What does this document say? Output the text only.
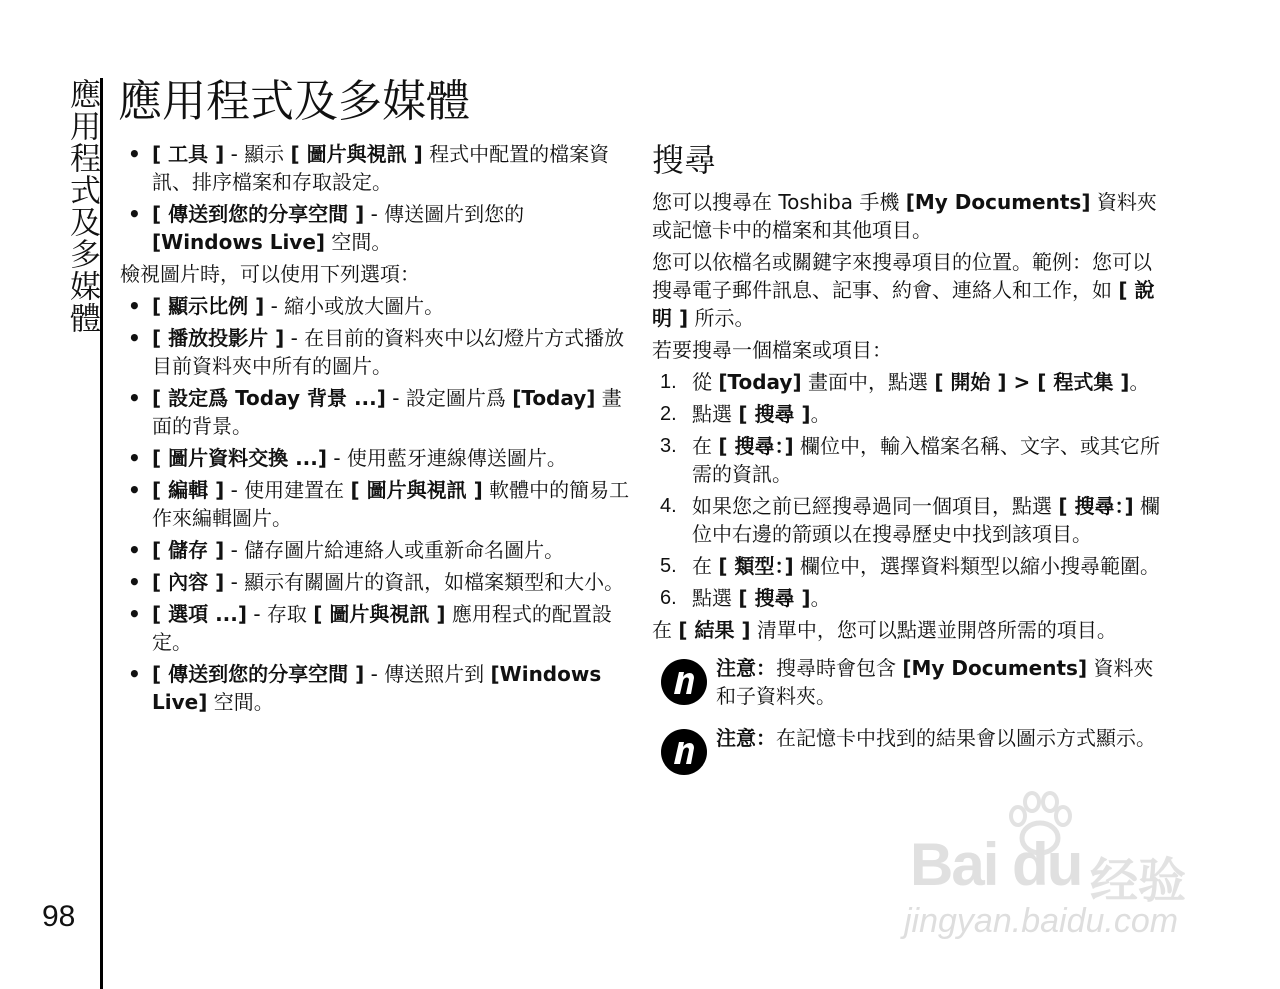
應用程式及多媒體
98
應用程式及多媒體
• [ 工具 ] - 顯示 [ 圖片與視訊 ] 程式中配置的檔案資訊、排序檔案和存取設定。
• [ 傳送到您的分享空間 ] - 傳送圖片到您的 [Windows Live] 空間。
檢視圖片時，可以使用下列選項：
• [ 顯示比例 ] - 縮小或放大圖片。
• [ 播放投影片 ] - 在目前的資料夾中以幻燈片方式播放目前資料夾中所有的圖片。
• [ 設定爲 Today 背景 ...] - 設定圖片爲 [Today] 畫面的背景。
• [ 圖片資料交換 ...] - 使用藍牙連線傳送圖片。
• [ 編輯 ] - 使用建置在 [ 圖片與視訊 ] 軟體中的簡易工作來編輯圖片。
• [ 儲存 ] - 儲存圖片給連絡人或重新命名圖片。
• [ 內容 ] - 顯示有關圖片的資訊，如檔案類型和大小。
• [ 選項 ...] - 存取 [ 圖片與視訊 ] 應用程式的配置設定。
• [ 傳送到您的分享空間 ] - 傳送照片到 [Windows Live] 空間。
搜尋
您可以搜尋在 Toshiba 手機 [My Documents] 資料夾或記憶卡中的檔案和其他項目。
您可以依檔名或關鍵字來搜尋項目的位置。範例：您可以搜尋電子郵件訊息、記事、約會、連絡人和工作，如 [ 說明 ] 所示。
若要搜尋一個檔案或項目：
1. 從 [Today] 畫面中，點選 [ 開始 ] > [ 程式集 ]。
2. 點選 [ 搜尋 ]。
3. 在 [ 搜尋：] 欄位中，輸入檔案名稱、文字、或其它所需的資訊。
4. 如果您之前已經搜尋過同一個項目，點選 [ 搜尋：] 欄位中右邊的箭頭以在搜尋歷史中找到該項目。
5. 在 [ 類型：] 欄位中，選擇資料類型以縮小搜尋範圍。
6. 點選 [ 搜尋 ]。
在 [ 結果 ] 清單中，您可以點選並開啓所需的項目。
注意：搜尋時會包含 [My Documents] 資料夾和子資料夾。
注意：在記憶卡中找到的結果會以圖示方式顯示。
Bai du 经验
jingyan.baidu.com
